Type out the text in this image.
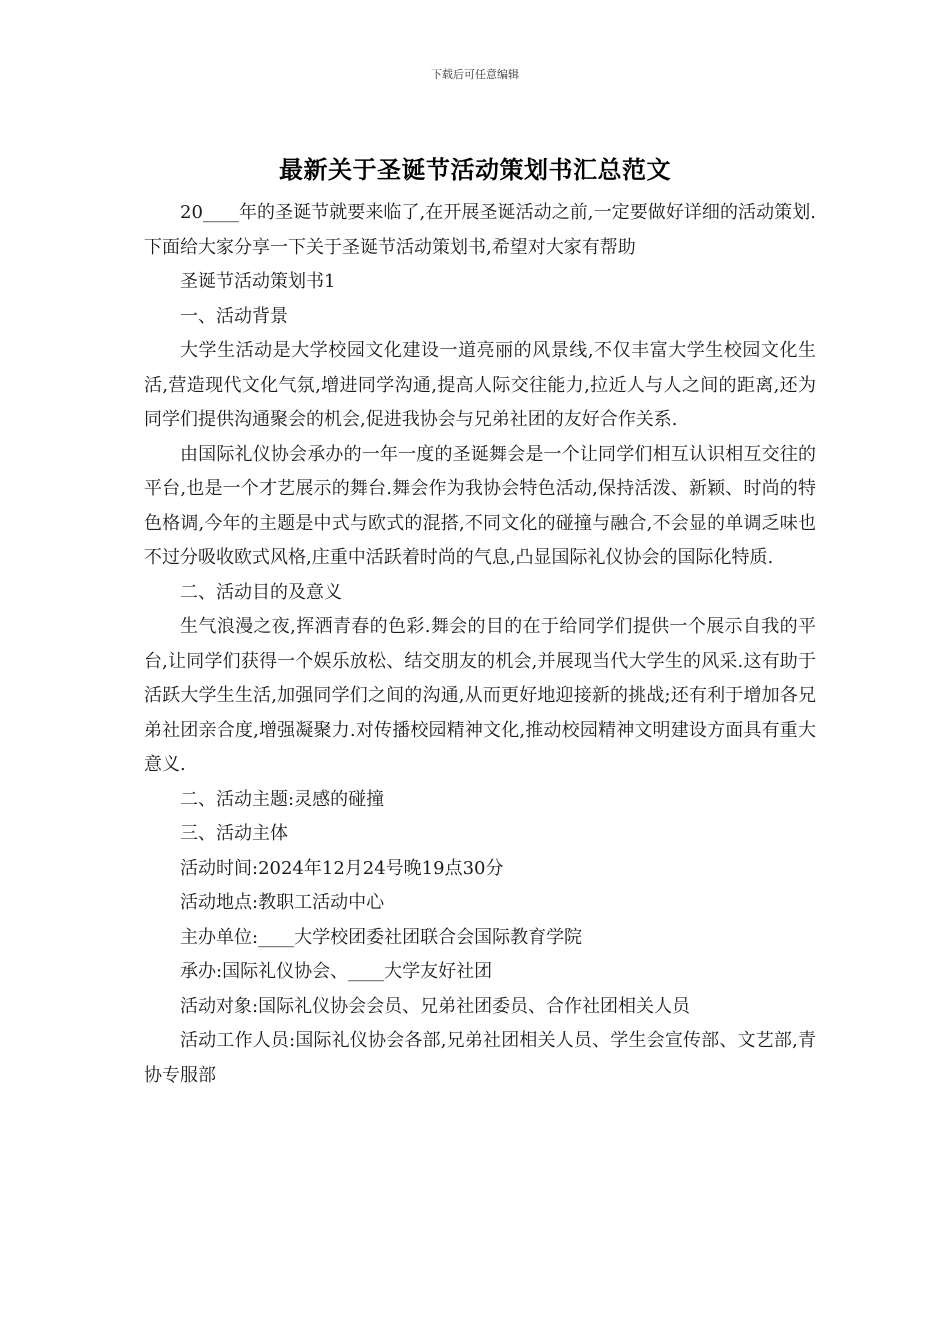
下载后可任意编辑
最新关于圣诞节活动策划书汇总范文

20____年的圣诞节就要来临了,在开展圣诞活动之前,一定要做好详细的活动策划.下面给大家分享一下关于圣诞节活动策划书,希望对大家有帮助

圣诞节活动策划书1

一、活动背景

大学生活动是大学校园文化建设一道亮丽的风景线,不仅丰富大学生校园文化生活,营造现代文化气氛,增进同学沟通,提高人际交往能力,拉近人与人之间的距离,还为同学们提供沟通聚会的机会,促进我协会与兄弟社团的友好合作关系.

由国际礼仪协会承办的一年一度的圣诞舞会是一个让同学们相互认识相互交往的平台,也是一个才艺展示的舞台.舞会作为我协会特色活动,保持活泼、新颖、时尚的特色格调,今年的主题是中式与欧式的混搭,不同文化的碰撞与融合,不会显的单调乏味也不过分吸收欧式风格,庄重中活跃着时尚的气息,凸显国际礼仪协会的国际化特质.

二、活动目的及意义

生气浪漫之夜,挥洒青春的色彩.舞会的目的在于给同学们提供一个展示自我的平台,让同学们获得一个娱乐放松、结交朋友的机会,并展现当代大学生的风采.这有助于活跃大学生生活,加强同学们之间的沟通,从而更好地迎接新的挑战;还有利于增加各兄弟社团亲合度,增强凝聚力.对传播校园精神文化,推动校园精神文明建设方面具有重大意义.

二、活动主题:灵感的碰撞

三、活动主体

活动时间:2024年12月24号晚19点30分

活动地点:教职工活动中心

主办单位:____大学校团委社团联合会国际教育学院

承办:国际礼仪协会、____大学友好社团

活动对象:国际礼仪协会会员、兄弟社团委员、合作社团相关人员

活动工作人员:国际礼仪协会各部,兄弟社团相关人员、学生会宣传部、文艺部,青协专服部
